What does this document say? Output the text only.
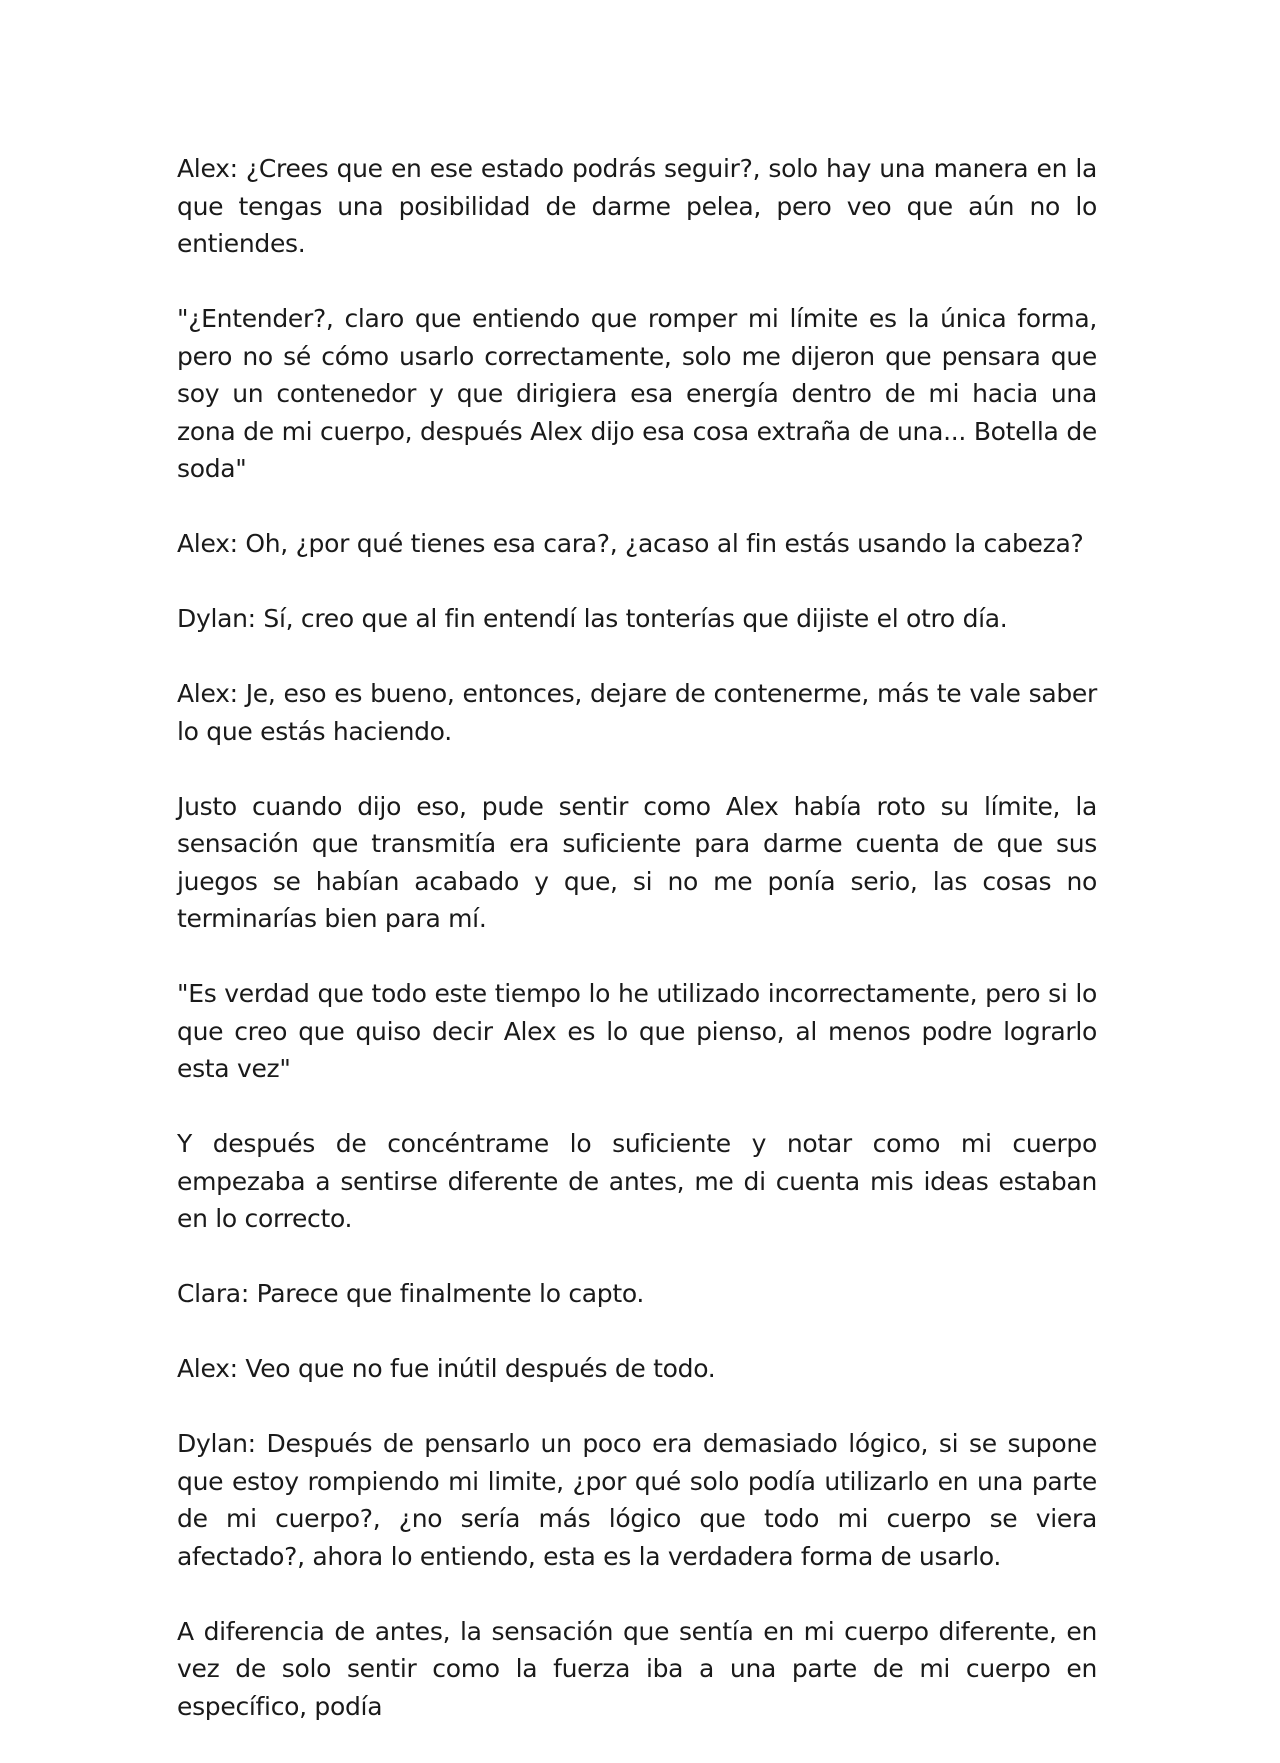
Alex: ¿Crees que en ese estado podrás seguir?, solo hay una manera en la que tengas una posibilidad de darme pelea, pero veo que aún no lo entiendes.

"¿Entender?, claro que entiendo que romper mi límite es la única forma, pero no sé cómo usarlo correctamente, solo me dijeron que pensara que soy un contenedor y que dirigiera esa energía dentro de mi hacia una zona de mi cuerpo, después Alex dijo esa cosa extraña de una... Botella de soda"

Alex: Oh, ¿por qué tienes esa cara?, ¿acaso al fin estás usando la cabeza?

Dylan: Sí, creo que al fin entendí las tonterías que dijiste el otro día.

Alex: Je, eso es bueno, entonces, dejare de contenerme, más te vale saber lo que estás haciendo.

Justo cuando dijo eso, pude sentir como Alex había roto su límite, la sensación que transmitía era suficiente para darme cuenta de que sus juegos se habían acabado y que, si no me ponía serio, las cosas no terminarías bien para mí.

"Es verdad que todo este tiempo lo he utilizado incorrectamente, pero si lo que creo que quiso decir Alex es lo que pienso, al menos podre lograrlo esta vez"

Y después de concéntrame lo suficiente y notar como mi cuerpo empezaba a sentirse diferente de antes, me di cuenta mis ideas estaban en lo correcto.

Clara: Parece que finalmente lo capto.

Alex: Veo que no fue inútil después de todo.

Dylan: Después de pensarlo un poco era demasiado lógico, si se supone que estoy rompiendo mi limite, ¿por qué solo podía utilizarlo en una parte de mi cuerpo?, ¿no sería más lógico que todo mi cuerpo se viera afectado?, ahora lo entiendo, esta es la verdadera forma de usarlo.

A diferencia de antes, la sensación que sentía en mi cuerpo diferente, en vez de solo sentir como la fuerza iba a una parte de mi cuerpo en específico, podía
